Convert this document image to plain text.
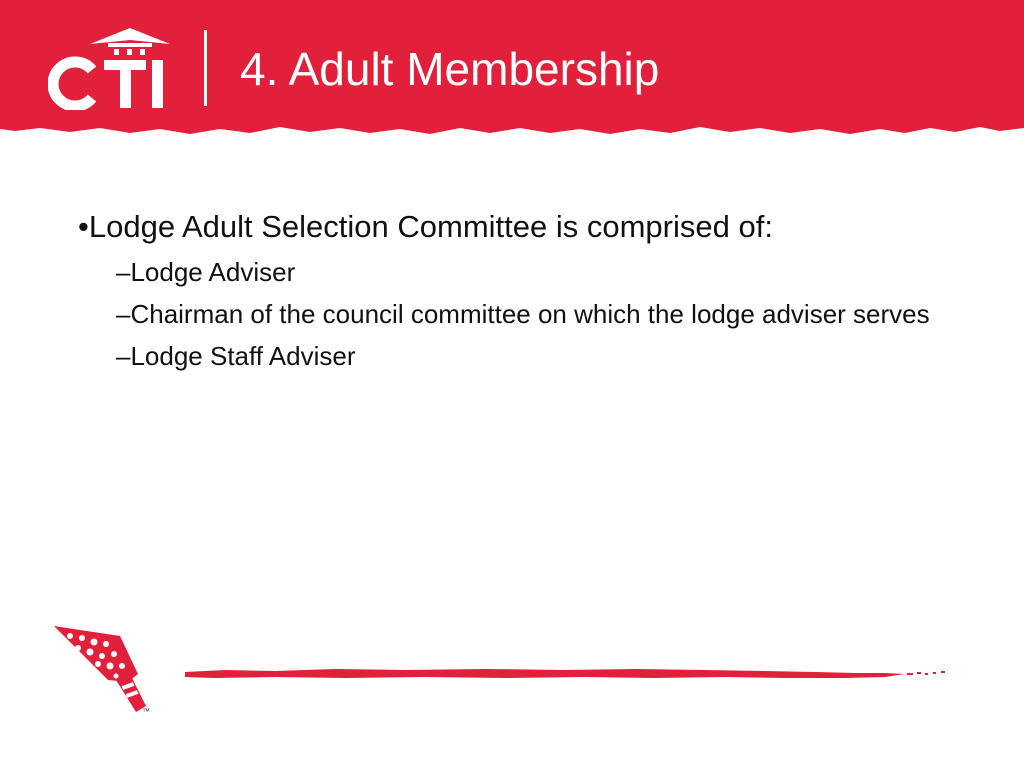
CTI
4. Adult Membership
•Lodge Adult Selection Committee is comprised of:
–Lodge Adviser
–Chairman of the council committee on which the lodge adviser serves
–Lodge Staff Adviser
™
